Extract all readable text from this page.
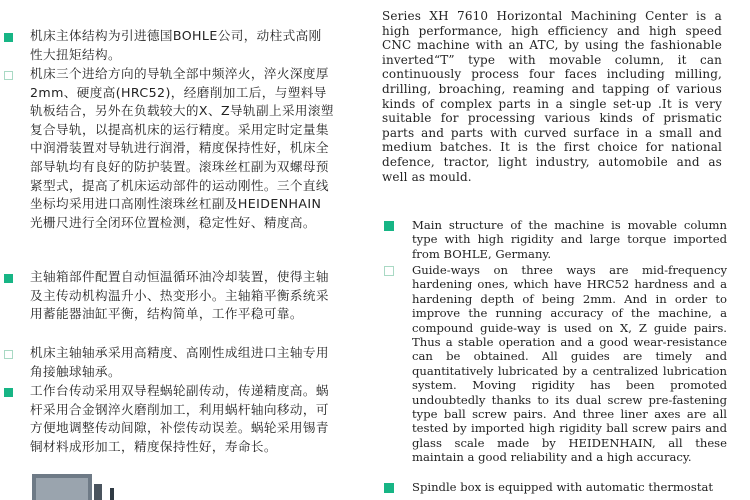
机床主体结构为引进德国BOHLE公司，动柱式高刚性大扭矩结构。

机床三个进给方向的导轨全部中频淬火，淬火深度厚2mm、硬度高(HRC52)，经磨削加工后，与塑料导轨板结合，另外在负载较大的X、Z导轨副上采用滚塑复合导轨，以提高机床的运行精度。采用定时定量集中润滑装置对导轨进行润滑，精度保持性好，机床全部导轨均有良好的防护装置。滚珠丝杠副为双螺母预紧型式，提高了机床运动部件的运动刚性。三个直线坐标均采用进口高刚性滚珠丝杠副及HEIDENHAIN光栅尺进行全闭环位置检测，稳定性好、精度高。

主轴箱部件配置自动恒温循环油冷却装置，使得主轴及主传动机构温升小、热变形小。主轴箱平衡系统采用蓄能器油缸平衡，结构简单，工作平稳可靠。

机床主轴轴承采用高精度、高刚性成组进口主轴专用角接触球轴承。

工作台传动采用双导程蜗轮副传动，传递精度高。蜗杆采用合金钢淬火磨削加工，利用蜗杆轴向移动，可方便地调整传动间隙，补偿传动误差。蜗轮采用锡青铜材料成形加工，精度保持性好，寿命长。

Series XH 7610 Horizontal Machining Center is a high performance, high efficiency and high speed CNC machine with an ATC, by using the fashionable inverted“T” type with movable column, it can continuously process four faces including milling, drilling, broaching, reaming and tapping of various kinds of complex parts in a single set-up .It is very suitable for processing various kinds of prismatic parts and parts with curved surface in a small and medium batches. It is the first choice for national defence, tractor, light industry, automobile and as well as mould.

Main structure of the machine is movable column type with high rigidity and large torque imported from BOHLE, Germany.

Guide-ways on three ways are mid-frequency hardening ones, which have HRC52 hardness and a hardening depth of being 2mm. And in order to improve the running accuracy of the machine, a compound guide-way is used on X, Z guide pairs. Thus a stable operation and a good wear-resistance can be obtained. All guides are timely and quantitatively lubricated by a centralized lubrication system. Moving rigidity has been promoted undoubtedly thanks to its dual screw pre-fastening type ball screw pairs. And three liner axes are all tested by imported high rigidity ball screw pairs and glass scale made by HEIDENHAIN, all these maintain a good reliability and a high accuracy.

Spindle box is equipped with automatic thermostat
